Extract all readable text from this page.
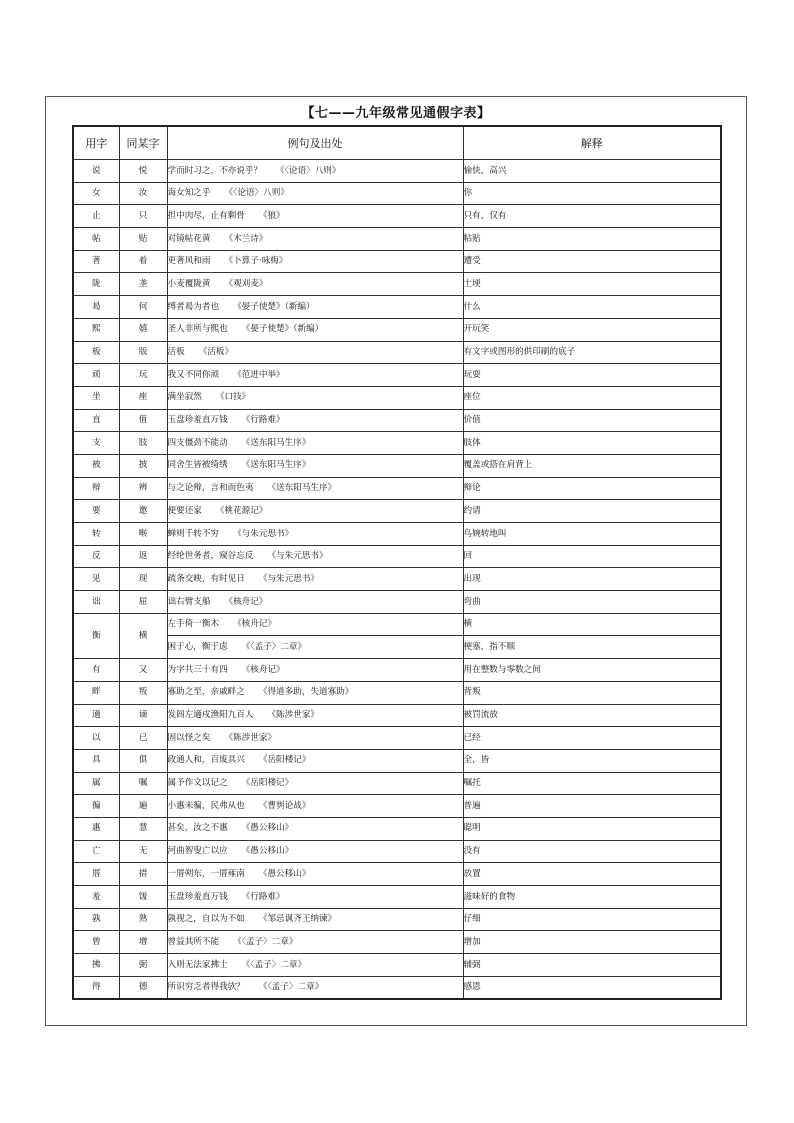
【七——九年级常见通假字表】
用字	同某字	例句及出处	解释
说	悦	学而时习之，不亦说乎？ 《〈论语〉八则》	愉快，高兴
女	汝	诲女知之乎 《〈论语〉八则》	你
止	只	担中肉尽，止有剩骨 《狼》	只有，仅有
帖	贴	对镜帖花黄 《木兰诗》	粘贴
著	着	更著风和雨 《卜算子·咏梅》	遭受
陇	垄	小麦覆陇黄 《观刈麦》	土埂
曷	何	缚者曷为者也 《晏子使楚》（新编）	什么
熙	嬉	圣人非所与熙也 《晏子使楚》（新编）	开玩笑
板	版	活板 《活板》	有文字或图形的供印刷的底子
顽	玩	我又不同你顽 《范进中举》	玩耍
坐	座	满坐寂然 《口技》	座位
直	值	玉盘珍羞直万钱 《行路难》	价值
支	肢	四支僵劲不能动 《送东阳马生序》	肢体
被	披	同舍生皆被绮绣 《送东阳马生序》	覆盖或搭在肩背上
辩	辨	与之论辩，言和而色夷 《送东阳马生序》	辩论
要	邀	便要还家 《桃花源记》	约请
转	啭	蝉则千转不穷 《与朱元思书》	鸟婉转地叫
反	返	经纶世务者，窥谷忘反 《与朱元思书》	回
见	现	疏条交映，有时见日 《与朱元思书》	出现
诎	屈	诎右臂支船 《核舟记》	弯曲
衡	横	左手倚一衡木 《核舟记》	横
		困于心，衡于虑 《〈孟子〉二章》	梗塞，指不顺
有	又	为字共三十有四 《核舟记》	用在整数与零数之间
畔	叛	寡助之至，亲戚畔之 《得道多助，失道寡助》	背叛
適	谪	发闾左適戍渔阳九百人 《陈涉世家》	被罚流放
以	已	固以怪之矣 《陈涉世家》	已经
具	俱	政通人和，百废具兴 《岳阳楼记》	全，皆
属	嘱	属予作文以记之 《岳阳楼记》	嘱托
徧	遍	小惠未徧，民弗从也 《曹刿论战》	普遍
惠	慧	甚矣，汝之不惠 《愚公移山》	聪明
亡	无	河曲智叟亡以应 《愚公移山》	没有
厝	措	一厝朔东，一厝雍南 《愚公移山》	放置
羞	馐	玉盘珍羞直万钱 《行路难》	滋味好的食物
孰	熟	孰视之，自以为不如 《邹忌讽齐王纳谏》	仔细
曾	增	曾益其所不能 《〈孟子〉二章》	增加
拂	弼	入则无法家拂士 《〈孟子〉二章》	辅弼
得	德	所识穷乏者得我欤？ 《〈孟子〉二章》	感恩
